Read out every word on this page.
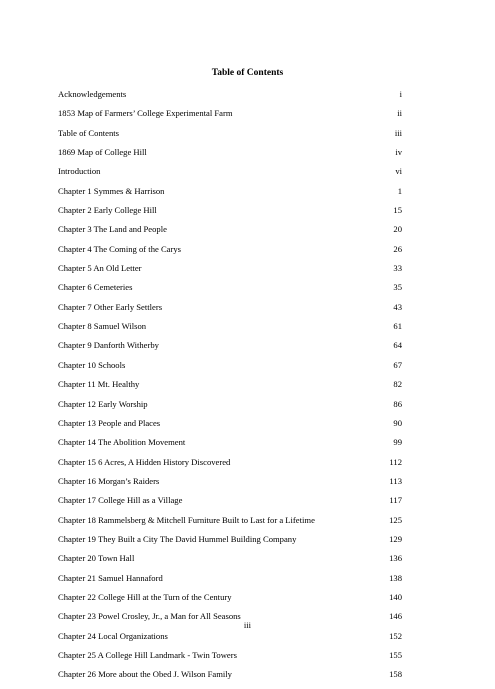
Table of Contents
Acknowledgements	i
1853 Map of Farmers’ College Experimental Farm	ii
Table of Contents	iii
1869 Map of College Hill	iv
Introduction	vi
Chapter 1 Symmes & Harrison	1
Chapter 2 Early College Hill	15
Chapter 3 The Land and People	20
Chapter 4 The Coming of the Carys	26
Chapter 5 An Old Letter	33
Chapter 6 Cemeteries	35
Chapter 7 Other Early Settlers	43
Chapter 8 Samuel Wilson	61
Chapter 9 Danforth Witherby	64
Chapter 10 Schools	67
Chapter 11 Mt. Healthy	82
Chapter 12 Early Worship	86
Chapter 13 People and Places	90
Chapter 14 The Abolition Movement	99
Chapter 15 6 Acres, A Hidden History Discovered	112
Chapter 16 Morgan’s Raiders	113
Chapter 17 College Hill as a Village	117
Chapter 18 Rammelsberg & Mitchell Furniture Built to Last for a Lifetime	125
Chapter 19 They Built a City The David Hummel Building Company	129
Chapter 20 Town Hall	136
Chapter 21 Samuel Hannaford	138
Chapter 22 College Hill at the Turn of the Century	140
Chapter 23 Powel Crosley, Jr., a Man for All Seasons	146
Chapter 24 Local Organizations	152
Chapter 25 A College Hill Landmark - Twin Towers	155
Chapter 26 More about the Obed J. Wilson Family	158
iii
